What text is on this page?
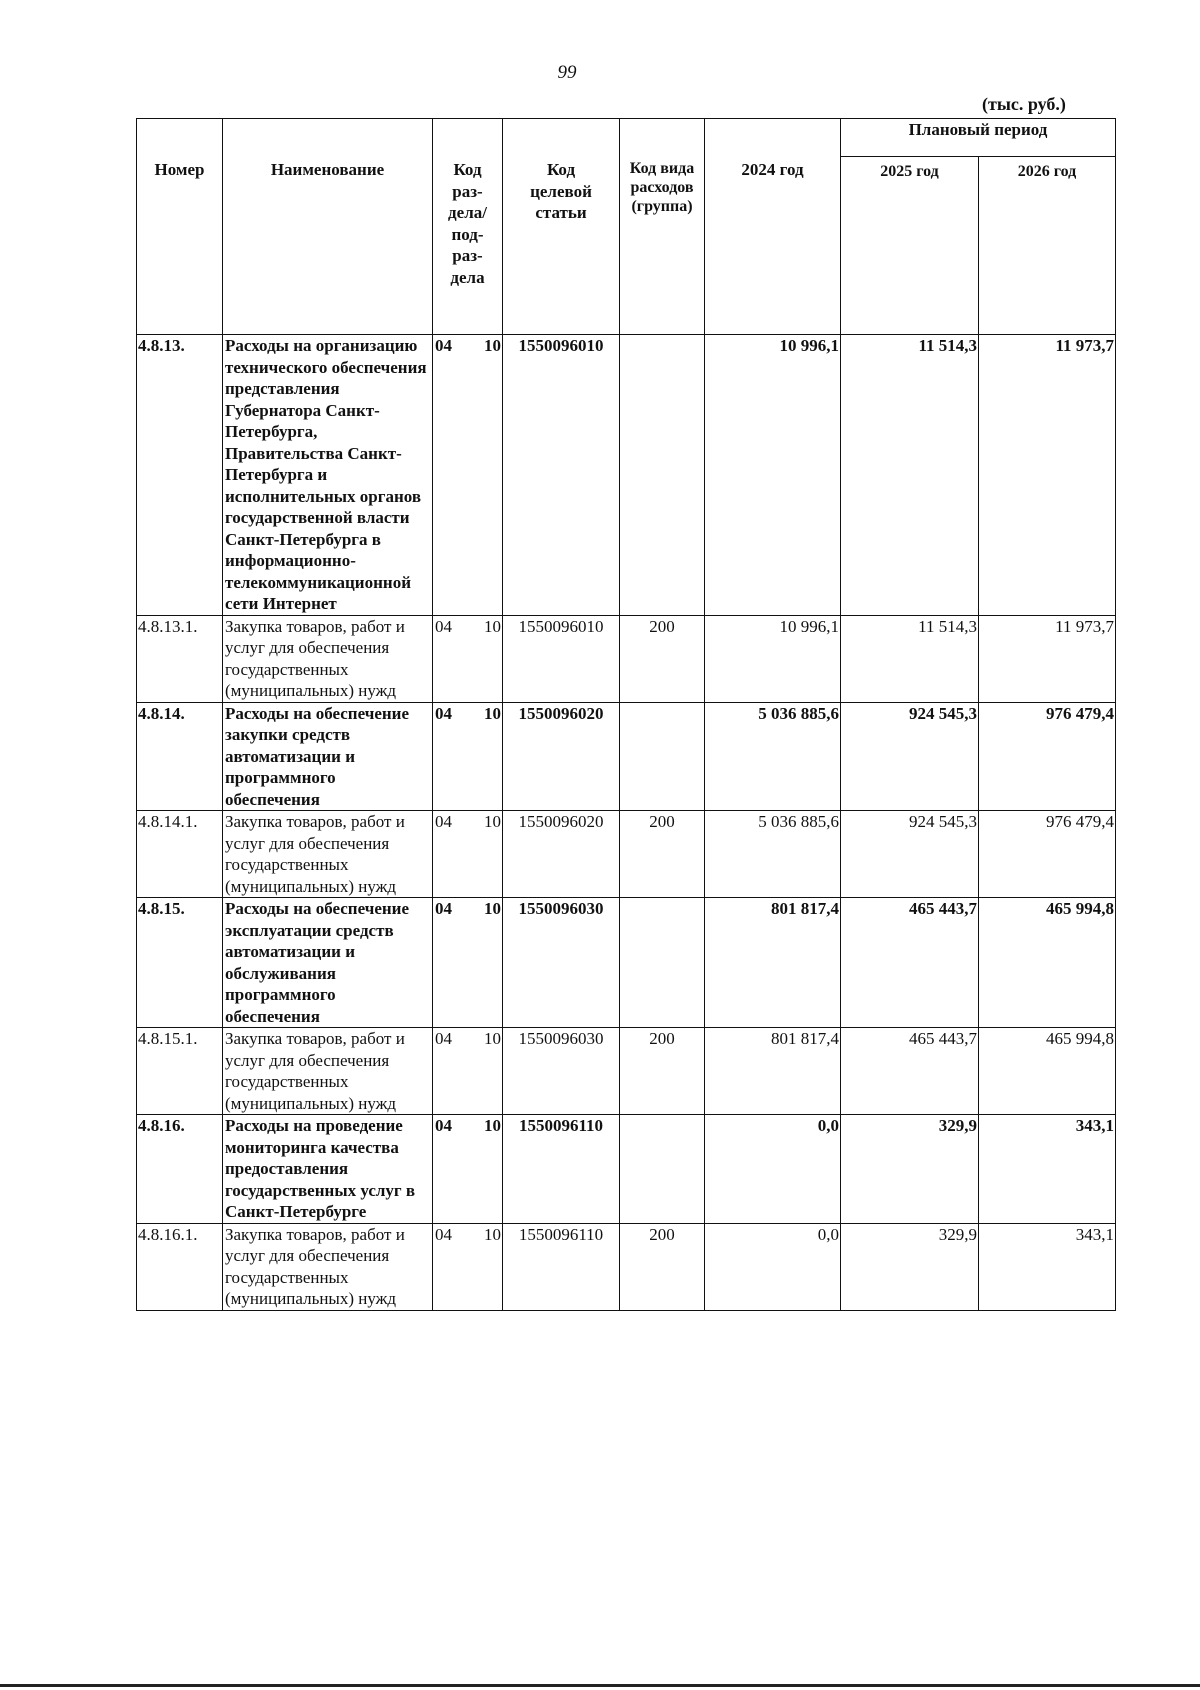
99
(тыс. руб.)
Номер	Наименование	Код раз- дела/ под- раз- дела	Код целевой статьи	Код вида расходов (группа)	2024 год	Плановый период	
						2025 год	2026 год
4.8.13.	Расходы на организацию технического обеспечения представления Губернатора Санкт-Петербурга, Правительства Санкт-Петербурга и исполнительных органов государственной власти Санкт-Петербурга в информационно-телекоммуникационной сети Интернет	04 10	1550096010		10 996,1	11 514,3	11 973,7
4.8.13.1.	Закупка товаров, работ и услуг для обеспечения государственных (муниципальных) нужд	04 10	1550096010	200	10 996,1	11 514,3	11 973,7
4.8.14.	Расходы на обеспечение закупки средств автоматизации и программного обеспечения	04 10	1550096020		5 036 885,6	924 545,3	976 479,4
4.8.14.1.	Закупка товаров, работ и услуг для обеспечения государственных (муниципальных) нужд	04 10	1550096020	200	5 036 885,6	924 545,3	976 479,4
4.8.15.	Расходы на обеспечение эксплуатации средств автоматизации и обслуживания программного обеспечения	04 10	1550096030		801 817,4	465 443,7	465 994,8
4.8.15.1.	Закупка товаров, работ и услуг для обеспечения государственных (муниципальных) нужд	04 10	1550096030	200	801 817,4	465 443,7	465 994,8
4.8.16.	Расходы на проведение мониторинга качества предоставления государственных услуг в Санкт-Петербурге	04 10	1550096110		0,0	329,9	343,1
4.8.16.1.	Закупка товаров, работ и услуг для обеспечения государственных (муниципальных) нужд	04 10	1550096110	200	0,0	329,9	343,1
